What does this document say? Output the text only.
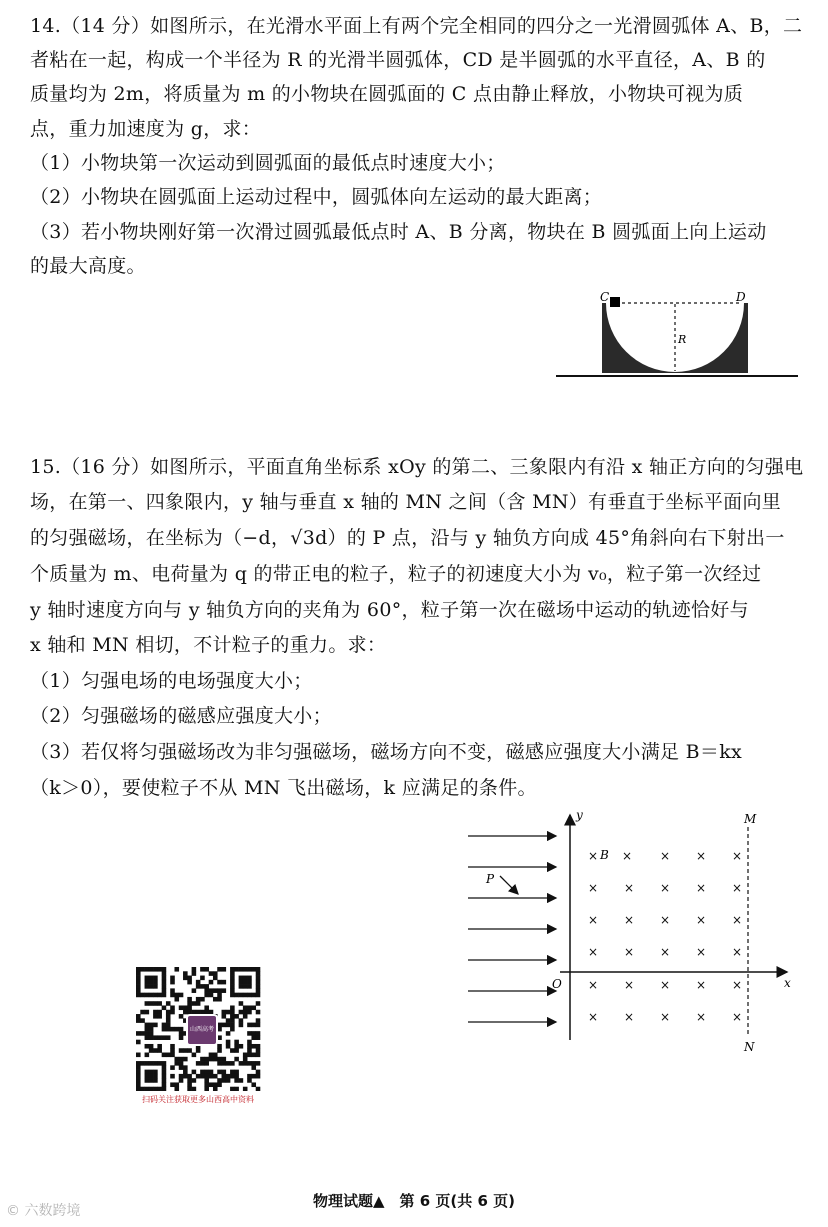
14.（14 分）如图所示，在光滑水平面上有两个完全相同的四分之一光滑圆弧体 A、B，二
者粘在一起，构成一个半径为 R 的光滑半圆弧体，CD 是半圆弧的水平直径，A、B 的
质量均为 2m，将质量为 m 的小物块在圆弧面的 C 点由静止释放，小物块可视为质
点，重力加速度为 g，求：
（1）小物块第一次运动到圆弧面的最低点时速度大小；
（2）小物块在圆弧面上运动过程中，圆弧体向左运动的最大距离；
（3）若小物块刚好第一次滑过圆弧最低点时 A、B 分离，物块在 B 圆弧面上向上运动
的最大高度。
C	D
R
15.（16 分）如图所示，平面直角坐标系 xOy 的第二、三象限内有沿 x 轴正方向的匀强电
场，在第一、四象限内，y 轴与垂直 x 轴的 MN 之间（含 MN）有垂直于坐标平面向里
的匀强磁场，在坐标为（−d，√3d）的 P 点，沿与 y 轴负方向成 45°角斜向右下射出一
个质量为 m、电荷量为 q 的带正电的粒子，粒子的初速度大小为 v₀，粒子第一次经过
y 轴时速度方向与 y 轴负方向的夹角为 60°，粒子第一次在磁场中运动的轨迹恰好与
x 轴和 MN 相切，不计粒子的重力。求：
（1）匀强电场的电场强度大小；
（2）匀强磁场的磁感应强度大小；
（3）若仅将匀强磁场改为非匀强磁场，磁场方向不变，磁感应强度大小满足 B＝kx
（k＞0），要使粒子不从 MN 飞出磁场，k 应满足的条件。
y
x
O
M
N
P
B
×	× × ×
× × × × ×
× × × × ×
× × × × ×
× × × × ×
× × × × ×
×
山西高考
扫码关注获取更多山西高中资料
物理试题▲　第 6 页(共 6 页)
© 六数跨境
